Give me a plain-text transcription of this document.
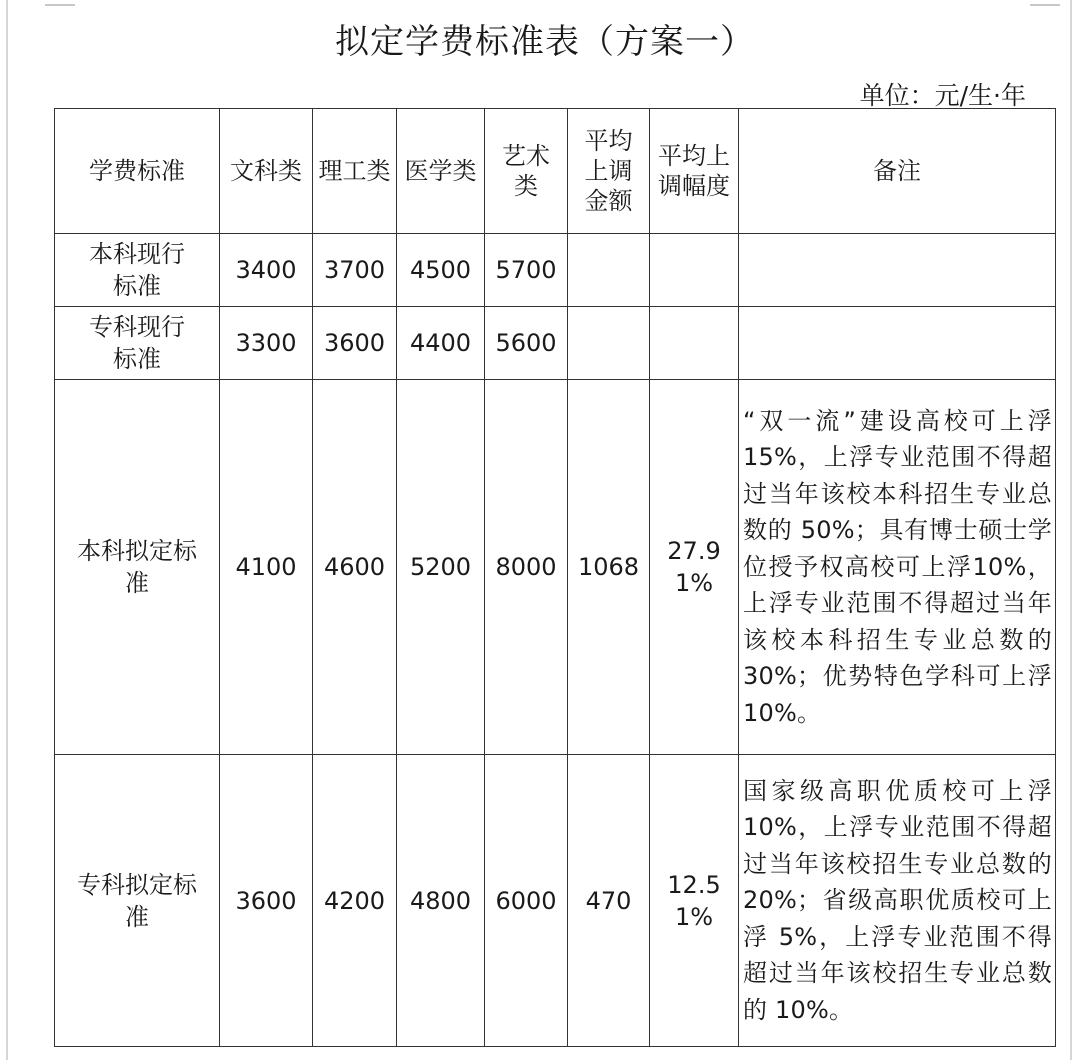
拟定学费标准表（方案一）
单位：元/生·年
学费标准	文科类	理工类	医学类	艺术类	平均上调金额	平均上调幅度	备注

本科现行标准	3400	3700	4500	5700			

专科现行标准	3300	3600	4400	5600			

本科拟定标准	4100	4600	5200	8000	1068	27.91%	“双一流”建设高校可上浮15%，上浮专业范围不得超过当年该校本科招生专业总数的 50%；具有博士硕士学位授予权高校可上浮10%，上浮专业范围不得超过当年该校本科招生专业总数的 30%；优势特色学科可上浮 10%。

专科拟定标准	3600	4200	4800	6000	470	12.51%	国家级高职优质校可上浮10%，上浮专业范围不得超过当年该校招生专业总数的 20%；省级高职优质校可上浮 5%，上浮专业范围不得超过当年该校招生专业总数的 10%。
